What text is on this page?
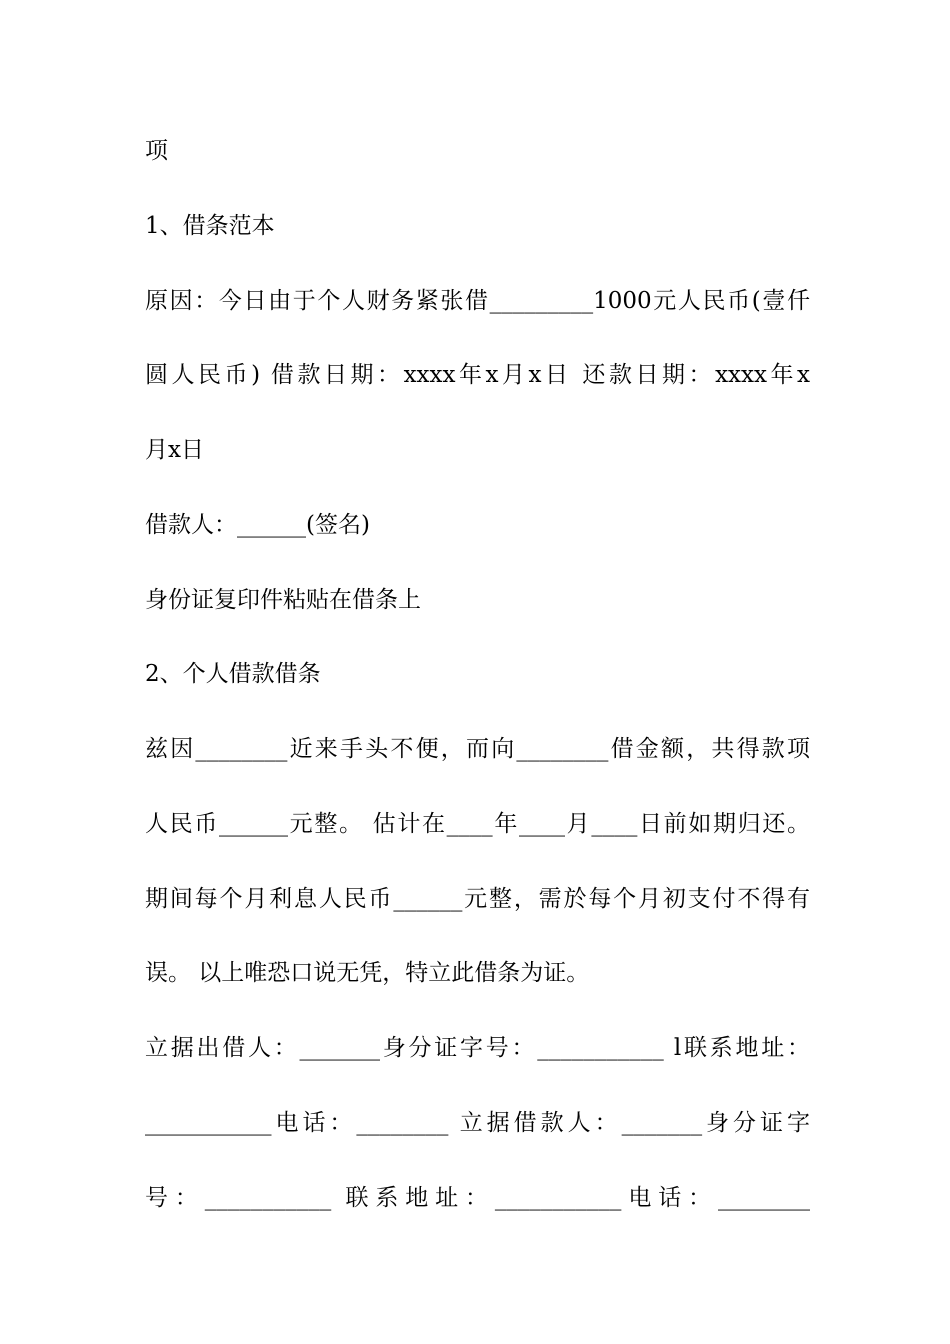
项
1、借条范本
原因：今日由于个人财务紧张借_________1000元人民币(壹仟
圆人民币) 借款日期：xxxx年x月x日 还款日期：xxxx年x
月x日
借款人：______(签名)
身份证复印件粘贴在借条上
2、个人借款借条
兹因________近来手头不便，而向________借金额，共得款项
人民币______元整。 估计在____年____月____日前如期归还。
期间每个月利息人民币______元整，需於每个月初支付不得有
误。 以上唯恐口说无凭，特立此借条为证。
立据出借人：_______身分证字号：___________ l联系地址：
___________电话：________ 立据借款人：_______身分证字
号：___________ 联系地址：___________电话：________
